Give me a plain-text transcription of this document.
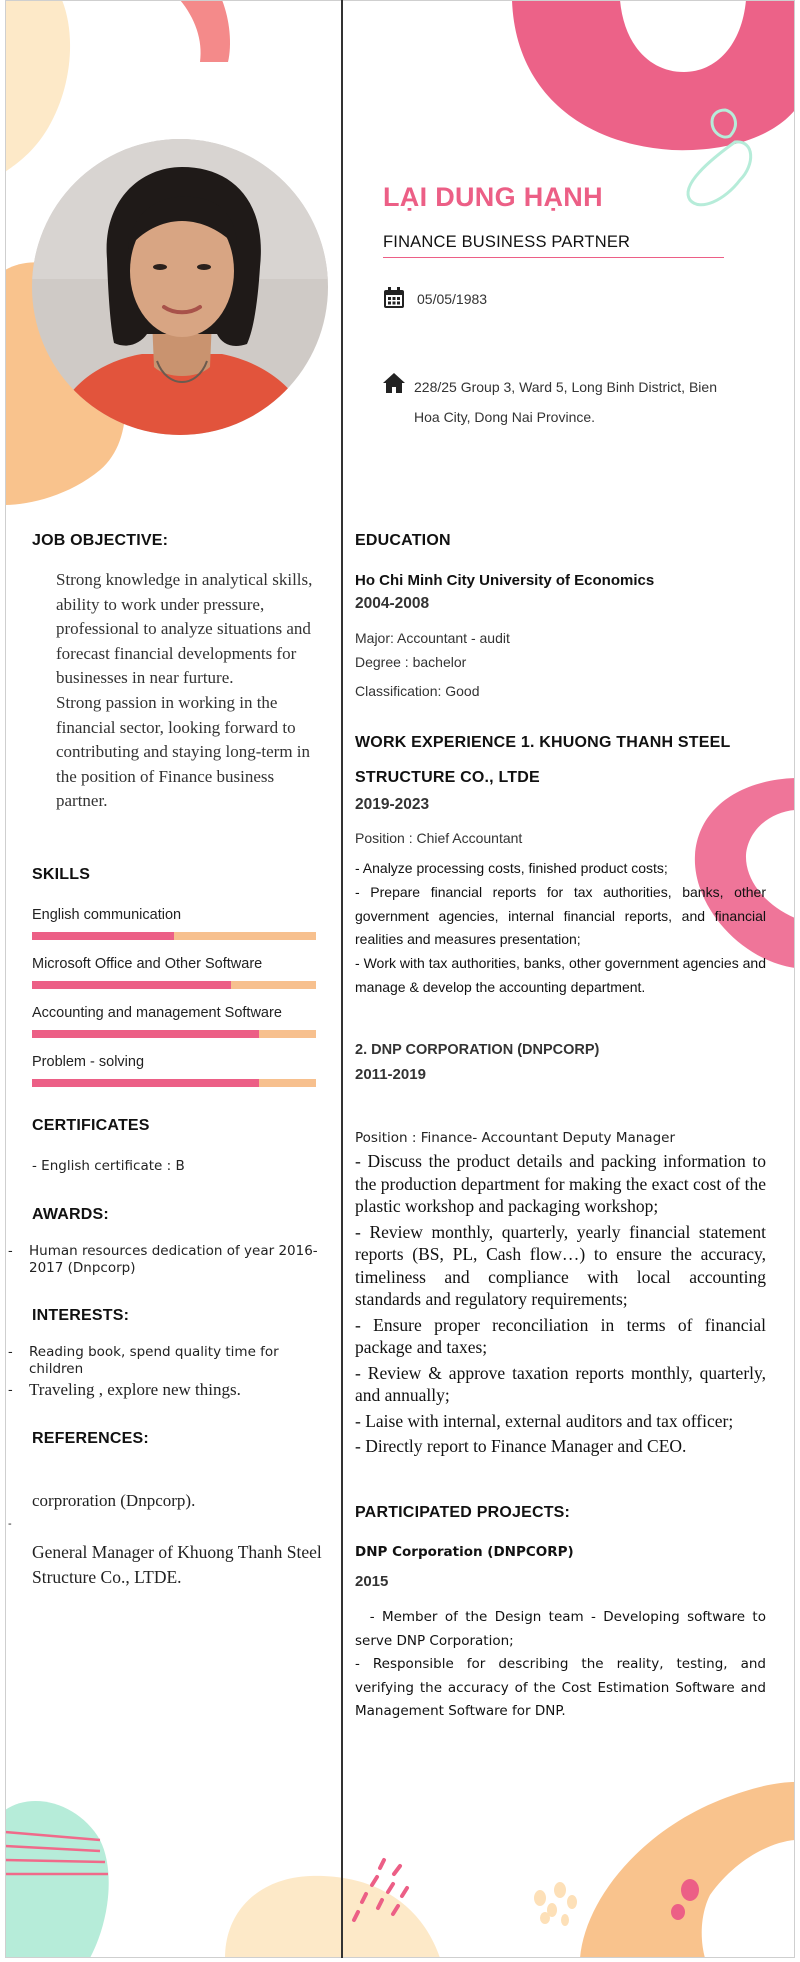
LẠI DUNG HẠNH
FINANCE BUSINESS PARTNER
05/05/1983
228/25 Group 3, Ward 5, Long Binh District, Bien Hoa City, Dong Nai Province.
JOB OBJECTIVE:
Strong knowledge in analytical skills, ability to work under pressure, professional to analyze situations and forecast financial developments for businesses in near furture.
Strong passion in working in the financial sector, looking forward to contributing and staying long-term in the position of Finance business partner.
SKILLS
English communication
Microsoft Office and Other Software
Accounting and management Software
Problem - solving
CERTIFICATES
- English certificate : B
AWARDS:
- Human resources dedication of year 2016-2017 (Dnpcorp)
INTERESTS:
- Reading book, spend quality time for children
- Traveling , explore new things.
REFERENCES:
corproration (Dnpcorp).
-
General Manager of Khuong Thanh Steel Structure Co., LTDE.
EDUCATION
Ho Chi Minh City University of Economics
2004-2008
Major: Accountant - audit
Degree : bachelor
Classification: Good
WORK EXPERIENCE 1. KHUONG THANH STEEL STRUCTURE CO., LTDE
2019-2023
Position : Chief Accountant
- Analyze processing costs, finished product costs;
- Prepare financial reports for tax authorities, banks, other government agencies, internal financial reports, and financial realities and measures presentation;
- Work with tax authorities, banks, other government agencies and manage & develop the accounting department.
2. DNP CORPORATION (DNPCORP)
2011-2019
Position : Finance- Accountant Deputy Manager
- Discuss the product details and packing information to the production department for making the exact cost of the plastic workshop and packaging workshop;
- Review monthly, quarterly, yearly financial statement reports (BS, PL, Cash flow…) to ensure the accuracy, timeliness and compliance with local accounting standards and regulatory requirements;
- Ensure proper reconciliation in terms of financial package and taxes;
- Review & approve taxation reports monthly, quarterly, and annually;
- Laise with internal, external auditors and tax officer;
- Directly report to Finance Manager and CEO.
PARTICIPATED PROJECTS:
DNP Corporation (DNPCORP)
2015
- Member of the Design team - Developing software to serve DNP Corporation;
- Responsible for describing the reality, testing, and verifying the accuracy of the Cost Estimation Software and Management Software for DNP.
